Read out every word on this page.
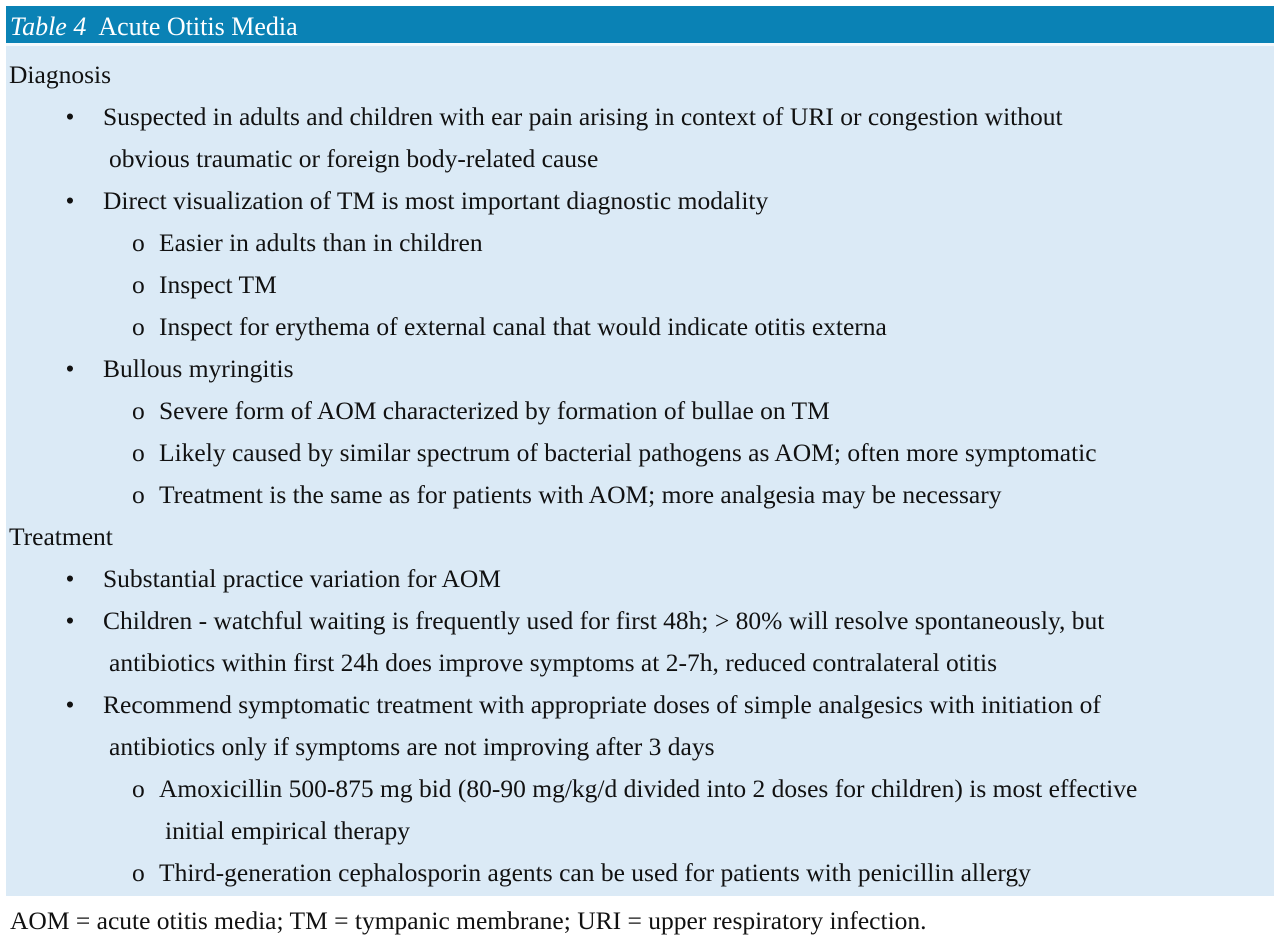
Table 4 Acute Otitis Media
Diagnosis
• Suspected in adults and children with ear pain arising in context of URI or congestion without
obvious traumatic or foreign body-related cause
• Direct visualization of TM is most important diagnostic modality
o Easier in adults than in children
o Inspect TM
o Inspect for erythema of external canal that would indicate otitis externa
• Bullous myringitis
o Severe form of AOM characterized by formation of bullae on TM
o Likely caused by similar spectrum of bacterial pathogens as AOM; often more symptomatic
o Treatment is the same as for patients with AOM; more analgesia may be necessary
Treatment
• Substantial practice variation for AOM
• Children - watchful waiting is frequently used for first 48h; > 80% will resolve spontaneously, but
antibiotics within first 24h does improve symptoms at 2-7h, reduced contralateral otitis
• Recommend symptomatic treatment with appropriate doses of simple analgesics with initiation of
antibiotics only if symptoms are not improving after 3 days
o Amoxicillin 500-875 mg bid (80-90 mg/kg/d divided into 2 doses for children) is most effective
initial empirical therapy
o Third-generation cephalosporin agents can be used for patients with penicillin allergy
AOM = acute otitis media; TM = tympanic membrane; URI = upper respiratory infection.
